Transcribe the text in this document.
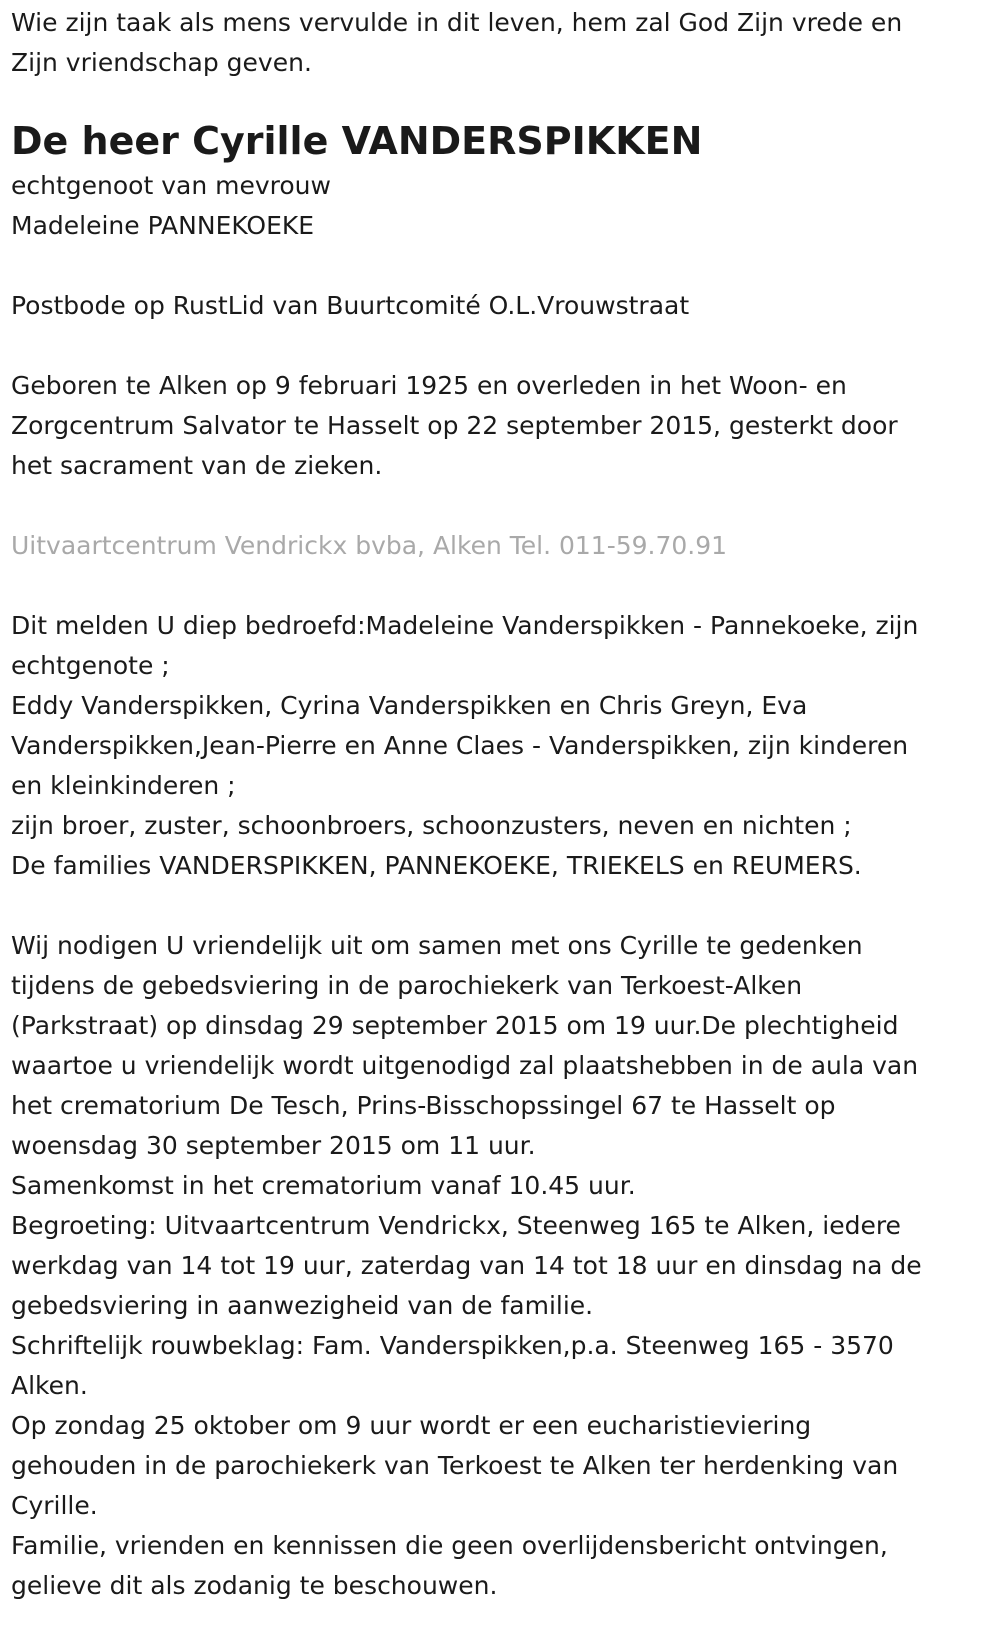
Wie zijn taak als mens vervulde in dit leven, hem zal God Zijn vrede en
Zijn vriendschap geven.
De heer Cyrille VANDERSPIKKEN
echtgenoot van mevrouw
Madeleine PANNEKOEKE
Postbode op RustLid van Buurtcomité O.L.Vrouwstraat
Geboren te Alken op 9 februari 1925 en overleden in het Woon- en
Zorgcentrum Salvator te Hasselt op 22 september 2015, gesterkt door
het sacrament van de zieken.
Uitvaartcentrum Vendrickx bvba, Alken Tel. 011-59.70.91
Dit melden U diep bedroefd:Madeleine Vanderspikken - Pannekoeke, zijn
echtgenote ;
Eddy Vanderspikken, Cyrina Vanderspikken en Chris Greyn, Eva
Vanderspikken,Jean-Pierre en Anne Claes - Vanderspikken, zijn kinderen
en kleinkinderen ;
zijn broer, zuster, schoonbroers, schoonzusters, neven en nichten ;
De families VANDERSPIKKEN, PANNEKOEKE, TRIEKELS en REUMERS.
Wij nodigen U vriendelijk uit om samen met ons Cyrille te gedenken
tijdens de gebedsviering in de parochiekerk van Terkoest-Alken
(Parkstraat) op dinsdag 29 september 2015 om 19 uur.De plechtigheid
waartoe u vriendelijk wordt uitgenodigd zal plaatshebben in de aula van
het crematorium De Tesch, Prins-Bisschopssingel 67 te Hasselt op
woensdag 30 september 2015 om 11 uur.
Samenkomst in het crematorium vanaf 10.45 uur.
Begroeting: Uitvaartcentrum Vendrickx, Steenweg 165 te Alken, iedere
werkdag van 14 tot 19 uur, zaterdag van 14 tot 18 uur en dinsdag na de
gebedsviering in aanwezigheid van de familie.
Schriftelijk rouwbeklag: Fam. Vanderspikken,p.a. Steenweg 165 - 3570
Alken.
Op zondag 25 oktober om 9 uur wordt er een eucharistieviering
gehouden in de parochiekerk van Terkoest te Alken ter herdenking van
Cyrille.
Familie, vrienden en kennissen die geen overlijdensbericht ontvingen,
gelieve dit als zodanig te beschouwen.
